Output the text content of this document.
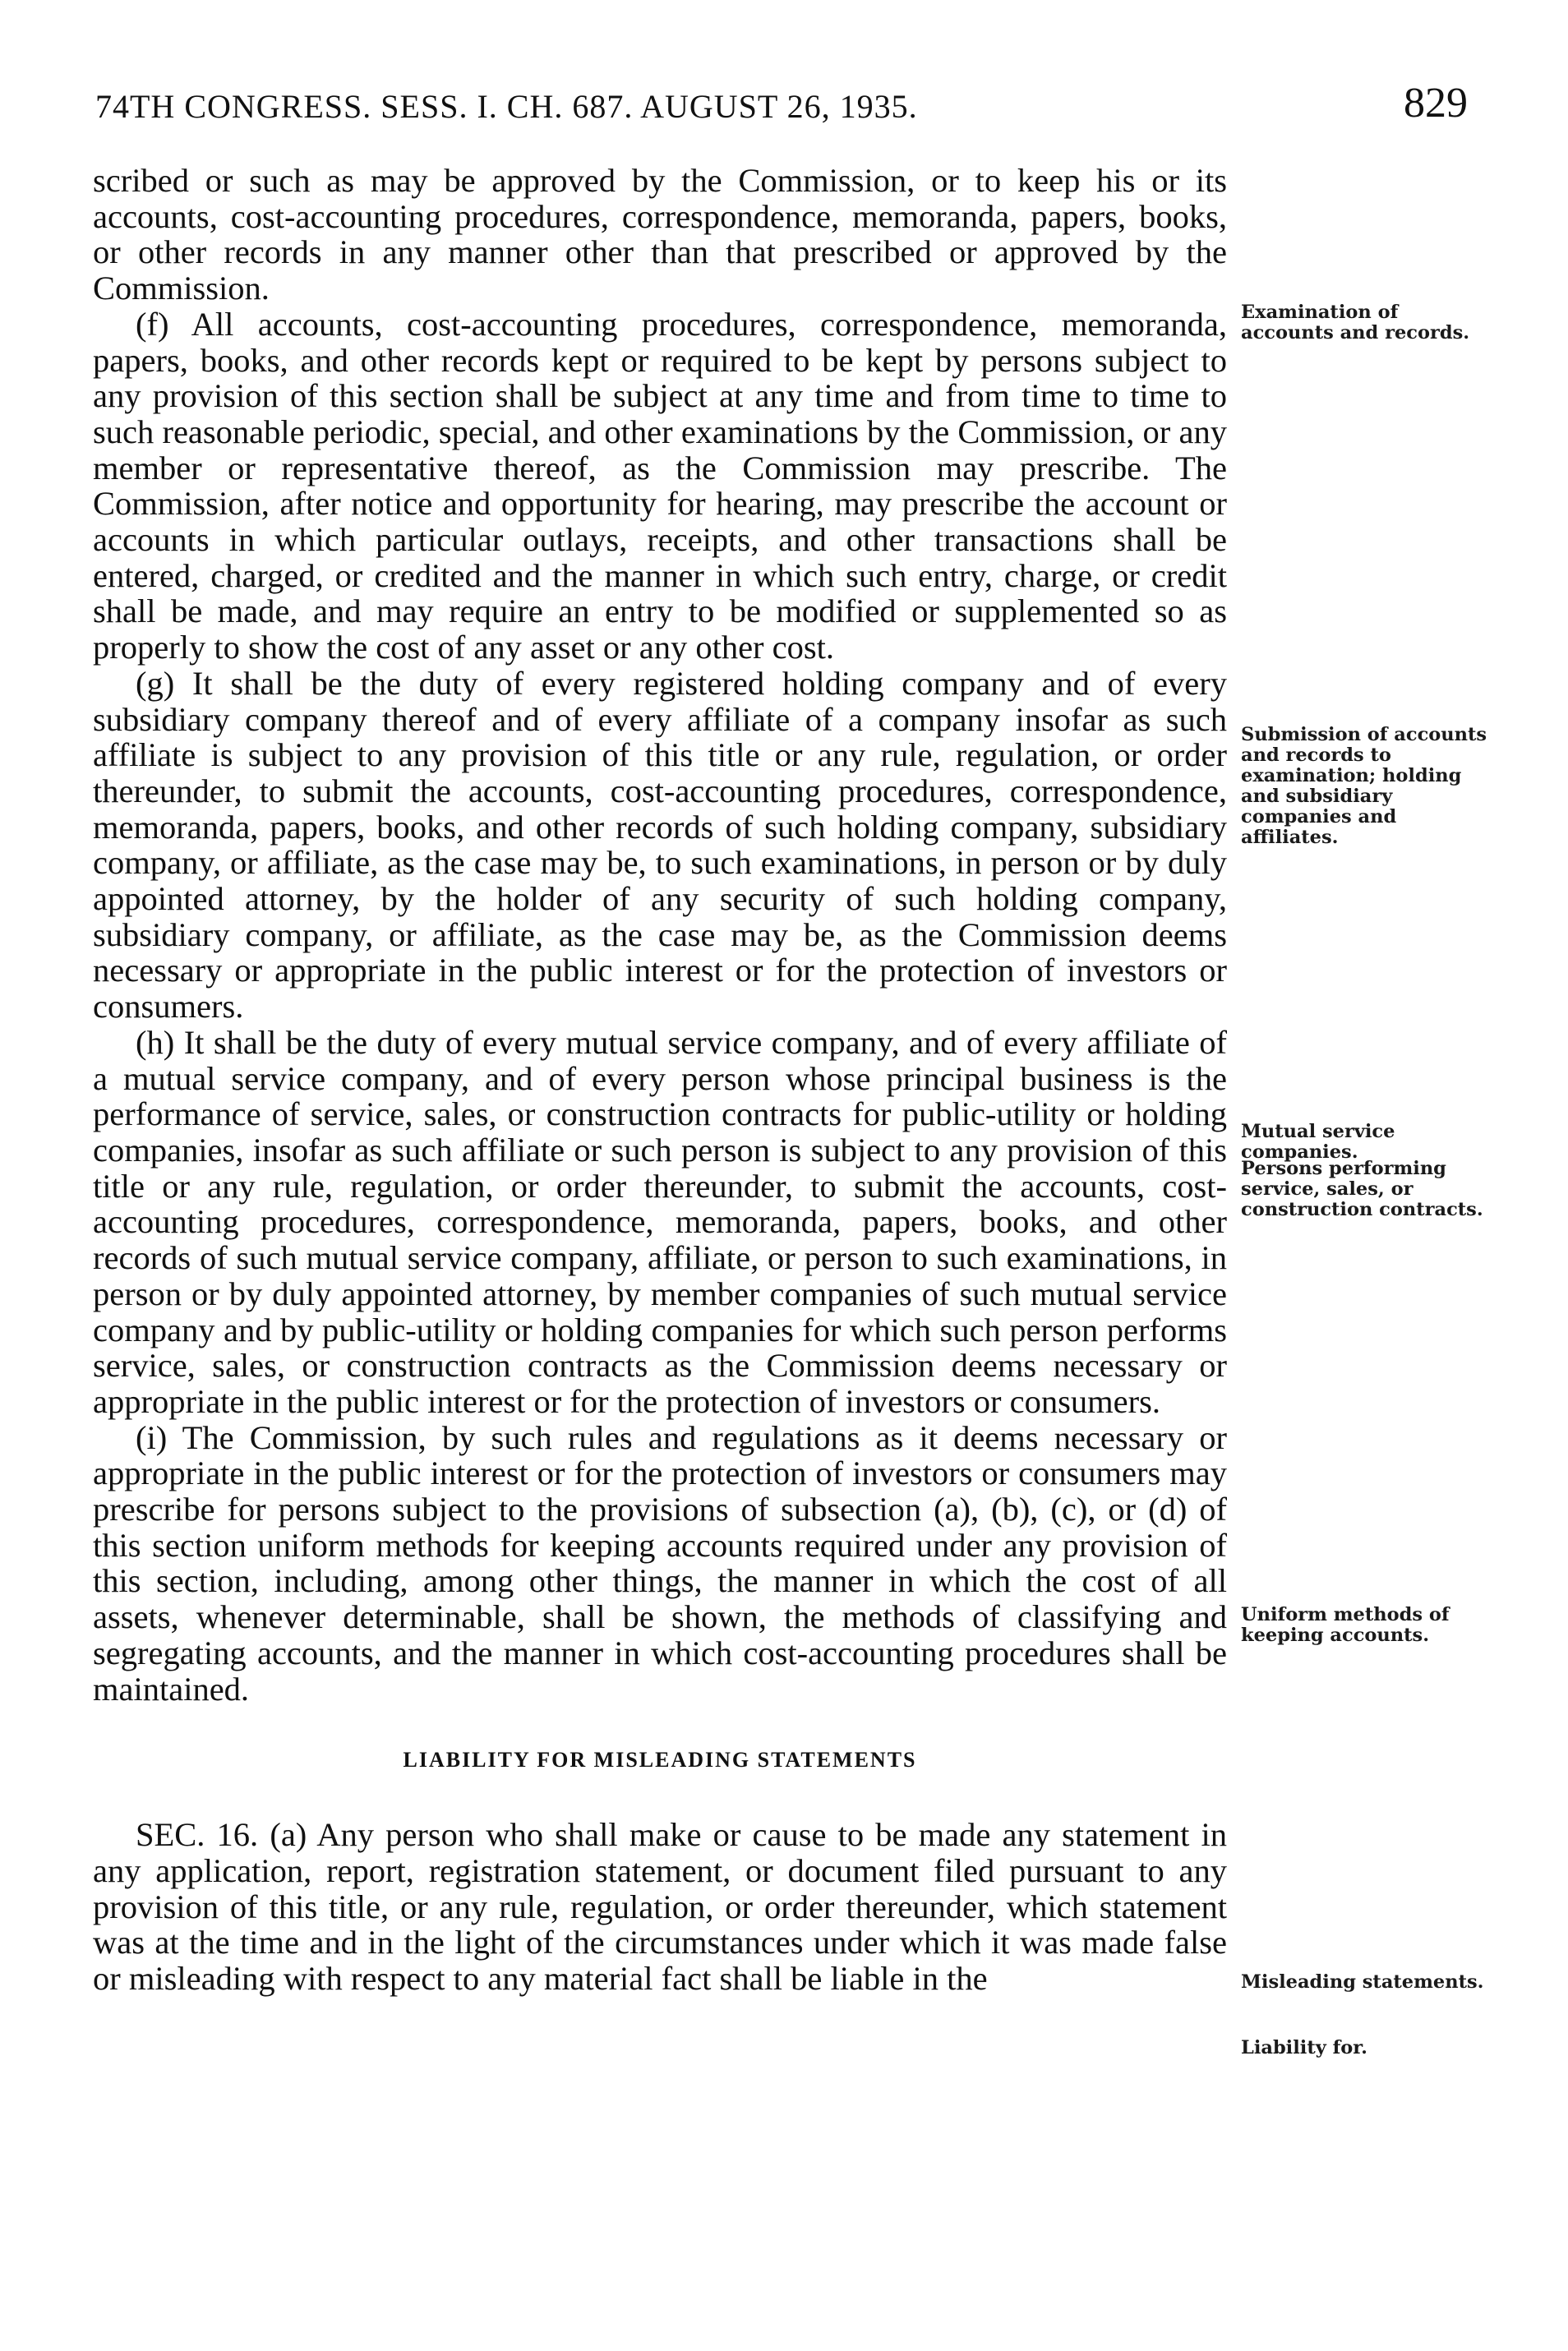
74TH CONGRESS. SESS. I. CH. 687. AUGUST 26, 1935.	829

scribed or such as may be approved by the Commission, or to keep his or its accounts, cost-accounting procedures, correspondence, memoranda, papers, books, or other records in any manner other than that prescribed or approved by the Commission.

(f) All accounts, cost-accounting procedures, correspondence, memoranda, papers, books, and other records kept or required to be kept by persons subject to any provision of this section shall be subject at any time and from time to time to such reasonable periodic, special, and other examinations by the Commission, or any member or representative thereof, as the Commission may prescribe. The Commission, after notice and opportunity for hearing, may prescribe the account or accounts in which particular outlays, receipts, and other transactions shall be entered, charged, or credited and the manner in which such entry, charge, or credit shall be made, and may require an entry to be modified or supplemented so as properly to show the cost of any asset or any other cost.

(g) It shall be the duty of every registered holding company and of every subsidiary company thereof and of every affiliate of a company insofar as such affiliate is subject to any provision of this title or any rule, regulation, or order thereunder, to submit the accounts, cost-accounting procedures, correspondence, memoranda, papers, books, and other records of such holding company, subsidiary company, or affiliate, as the case may be, to such examinations, in person or by duly appointed attorney, by the holder of any security of such holding company, subsidiary company, or affiliate, as the case may be, as the Commission deems necessary or appropriate in the public interest or for the protection of investors or consumers.

(h) It shall be the duty of every mutual service company, and of every affiliate of a mutual service company, and of every person whose principal business is the performance of service, sales, or construction contracts for public-utility or holding companies, insofar as such affiliate or such person is subject to any provision of this title or any rule, regulation, or order thereunder, to submit the accounts, cost-accounting procedures, correspondence, memoranda, papers, books, and other records of such mutual service company, affiliate, or person to such examinations, in person or by duly appointed attorney, by member companies of such mutual service company and by public-utility or holding companies for which such person performs service, sales, or construction contracts as the Commission deems necessary or appropriate in the public interest or for the protection of investors or consumers.

(i) The Commission, by such rules and regulations as it deems necessary or appropriate in the public interest or for the protection of investors or consumers may prescribe for persons subject to the provisions of subsection (a), (b), (c), or (d) of this section uniform methods for keeping accounts required under any provision of this section, including, among other things, the manner in which the cost of all assets, whenever determinable, shall be shown, the methods of classifying and segregating accounts, and the manner in which cost-accounting procedures shall be maintained.

LIABILITY FOR MISLEADING STATEMENTS

SEC. 16. (a) Any person who shall make or cause to be made any statement in any application, report, registration statement, or document filed pursuant to any provision of this title, or any rule, regulation, or order thereunder, which statement was at the time and in the light of the circumstances under which it was made false or misleading with respect to any material fact shall be liable in the

Examination of accounts and records.
Submission of accounts and records to examination; holding and subsidiary companies and affiliates.
Mutual service companies.
Persons performing service, sales, or construction contracts.
Uniform methods of keeping accounts.
Misleading statements.
Liability for.
